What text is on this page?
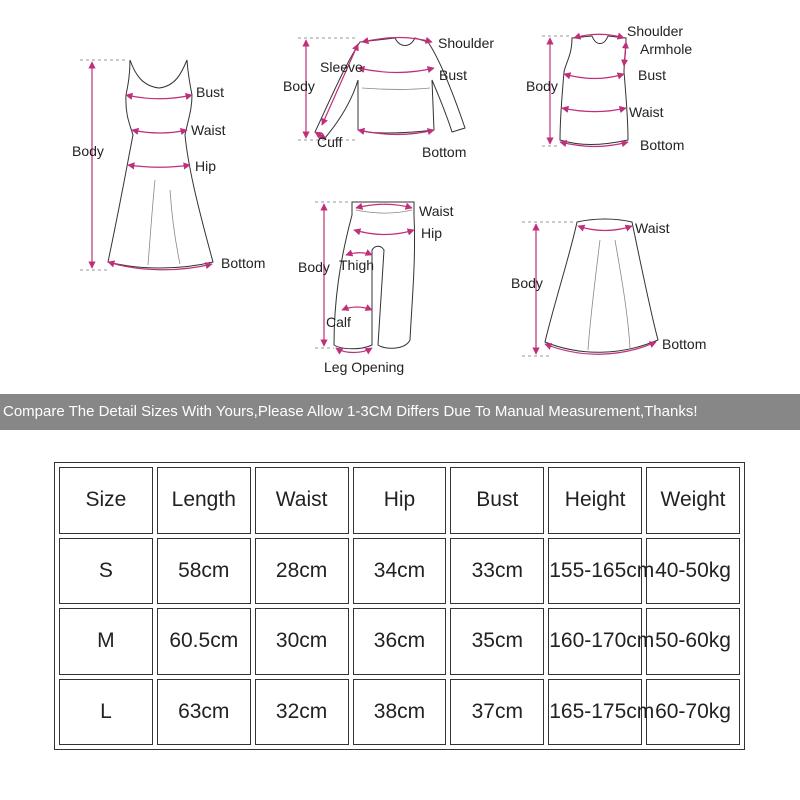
Body
Bust
Waist
Hip
Bottom
Body
Sleeve
Shoulder
Bust
Cuff
Bottom
Shoulder
Armhole
Body
Bust
Waist
Bottom
Waist
Hip
Body Thigh
Calf
Leg Opening
Waist
Body
Bottom
Compare The Detail Sizes With Yours,Please Allow 1-3CM Differs Due To Manual Measurement,Thanks!
Size	Length	Waist	Hip	Bust	Height	Weight
S	58cm	28cm	34cm	33cm	155-165cm	40-50kg
M	60.5cm	30cm	36cm	35cm	160-170cm	50-60kg
L	63cm	32cm	38cm	37cm	165-175cm	60-70kg
